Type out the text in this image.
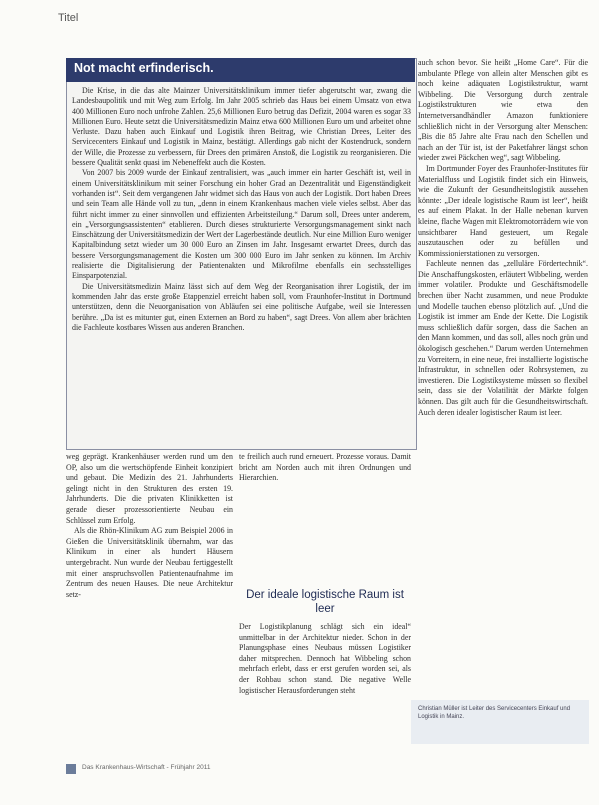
Titel
Not macht erfinderisch.

Die Krise, in die das alte Mainzer Universitätsklinikum immer tiefer abgerutscht war, zwang die Landesbaupolitik und mit Weg zum Erfolg. Im Jahr 2005 schrieb das Haus bei einem Umsatz von etwa 400 Millionen Euro noch unfrohe Zahlen. 25,6 Millionen Euro betrug das Defizit, 2004 waren es sogar 33 Millionen Euro. Heute setzt die Universitätsmedizin Mainz etwa 600 Millionen Euro um und arbeitet ohne Verluste. Dazu haben auch Einkauf und Logistik ihren Beitrag, wie Christian Drees, Leiter des Servicecenters Einkauf und Logistik in Mainz, bestätigt. Allerdings gab nicht der Kostendruck, sondern der Wille, die Prozesse zu verbessern, für Drees den primären Anstoß, die Logistik zu reorganisieren. Die bessere Qualität senkt quasi im Nebeneffekt auch die Kosten.

Von 2007 bis 2009 wurde der Einkauf zentralisiert, was „auch immer ein harter Geschäft ist, weil in einem Universitätsklinikum mit seiner Forschung ein hoher Grad an Dezentralität und Eigenständigkeit vorhanden ist“. Seit dem vergangenen Jahr widmet sich das Haus von auch der Logistik. Dort haben Drees und sein Team alle Hände voll zu tun, „denn in einem Krankenhaus machen viele vieles selbst. Aber das führt nicht immer zu einer sinnvollen und effizienten Arbeitsteilung.“ Darum soll, Drees unter anderem, ein „Versorgungsassistenten“ etablieren. Durch dieses strukturierte Versorgungsmanagement sinkt nach Einschätzung der Universitätsmedizin der Wert der Lagerbestände deutlich. Nur eine Million Euro weniger Kapitalbindung setzt wieder um 30 000 Euro an Zinsen im Jahr. Insgesamt erwartet Drees, durch das bessere Versorgungsmanagement die Kosten um 300 000 Euro im Jahr senken zu können. Im Archiv realisierte die Digitalisierung der Patientenakten und Mikrofilme ebenfalls ein sechsstelliges Einsparpotenzial.

Die Universitätsmedizin Mainz lässt sich auf dem Weg der Reorganisation ihrer Logistik, der im kommenden Jahr das erste große Etappenziel erreicht haben soll, vom Fraunhofer-Institut in Dortmund unterstützen, denn die Neuorganisation von Abläufen sei eine politische Aufgabe, weil sie Interessen berühre. „Da ist es mitunter gut, einen Externen an Bord zu haben“, sagt Drees. Von allem aber brächten die Fachleute kostbares Wissen aus anderen Branchen.

weg geprägt. Krankenhäuser werden rund um den OP, also um die wertschöpfende Einheit konzipiert und gebaut. Die Medizin des 21. Jahrhunderts gelingt nicht in den Strukturen des ersten 19. Jahrhunderts. Die die privaten Klinikketten ist gerade dieser prozessorientierte Neubau ein Schlüssel zum Erfolg.

Als die Rhön-Klinikum AG zum Beispiel 2006 in Gießen die Universitätsklinik übernahm, war das Klinikum in einer als hundert Häusern untergebracht. Nun wurde der Neubau fertiggestellt mit einer anspruchsvollen Patientenaufnahme im Zentrum des neuen Hauses. Die neue Architektur setz-

te freilich auch rund erneuert. Prozesse voraus. Damit bricht am Norden auch mit ihren Ordnungen und Hierarchien.

Der ideale logistische Raum ist leer

Der Logistikplanung schlägt sich ein ideal“ unmittelbar in der Architektur nieder. Schon in der Planungsphase eines Neubaus müssen Logistiker daher mitsprechen. Dennoch hat Wibbeling schon mehrfach erlebt, dass er erst gerufen worden sei, als der Rohbau schon stand. Die negative Welle logistischer Herausforderungen steht

auch schon bevor. Sie heißt „Home Care“. Für die ambulante Pflege von allein alter Menschen gibt es noch keine adäquaten Logistikstruktur, warnt Wibbeling. Die Versorgung durch zentrale Logistikstrukturen wie etwa den Internetversandhändler Amazon funktioniere schließlich nicht in der Versorgung alter Menschen: „Bis die 85 Jahre alte Frau nach den Schellen und nach an der Tür ist, ist der Paketfahrer längst schon wieder zwei Päckchen weg“, sagt Wibbeling.

Im Dortmunder Foyer des Fraunhofer-Institutes für Materialfluss und Logistik findet sich ein Hinweis, wie die Zukunft der Gesundheitslogistik aussehen könnte: „Der ideale logistische Raum ist leer“, heißt es auf einem Plakat. In der Halle nebenan kurven kleine, flache Wagen mit Elektromotorrädern wie von unsichtbarer Hand gesteuert, um Regale auszutauschen oder zu befüllen und Kommissionierstationen zu versorgen.

Fachleute nennen das „zelluläre Fördertechnik“. Die Anschaffungskosten, erläutert Wibbeling, werden immer volatiler. Produkte und Geschäftsmodelle brechen über Nacht zusammen, und neue Produkte und Modelle tauchen ebenso plötzlich auf. „Und die Logistik ist immer am Ende der Kette. Die Logistik muss schließlich dafür sorgen, dass die Sachen an den Mann kommen, und das soll, alles noch grün und ökologisch geschehen.“ Darum werden Unternehmen zu Vorreitern, in eine neue, frei installierte logistische Infrastruktur, in schnellen oder Rohrsystemen, zu investieren. Die Logistiksysteme müssen so flexibel sein, dass sie der Volatilität der Märkte folgen können. Das gilt auch für die Gesundheitswirtschaft. Auch deren idealer logistischer Raum ist leer.

Christian Müller ist Leiter des Servicecenters Einkauf und Logistik in Mainz.
Das Krankenhaus-Wirtschaft - Frühjahr 2011
